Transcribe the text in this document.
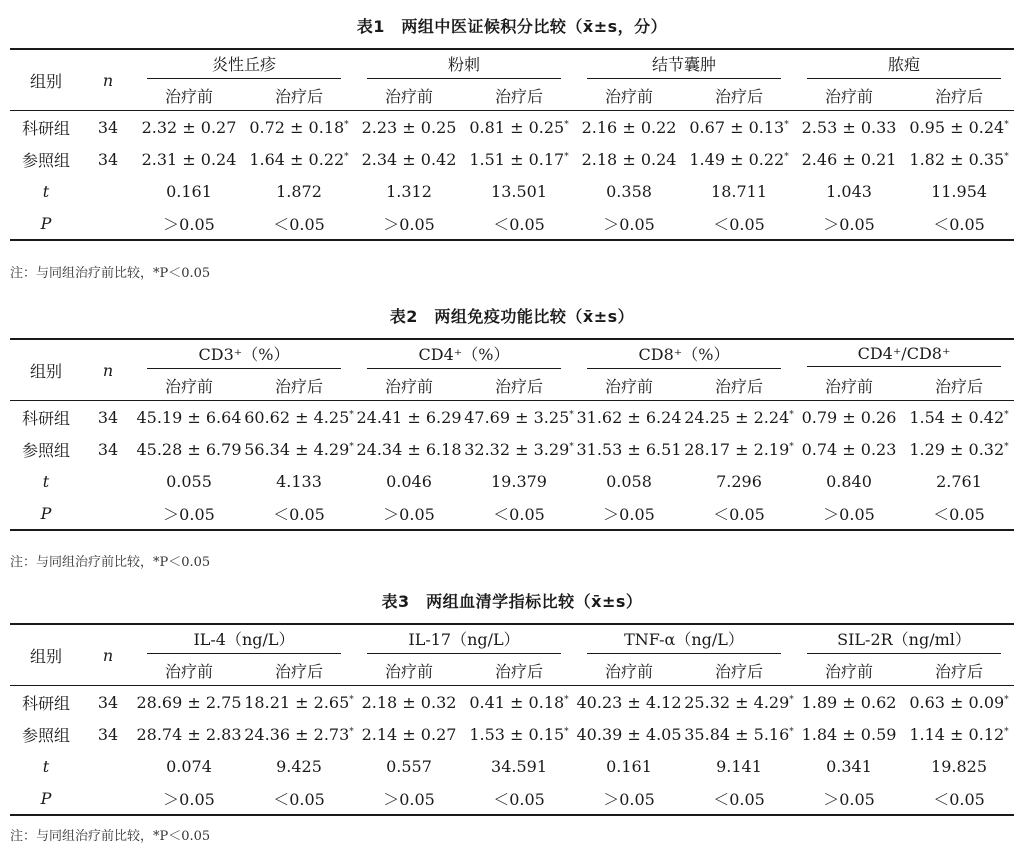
表1　两组中医证候积分比较（x̄±s，分）
组别	n	炎性丘疹		粉刺		结节囊肿		脓疱	
		治疗前	治疗后	治疗前	治疗后	治疗前	治疗后	治疗前	治疗后
科研组	34	2.32 ± 0.27	0.72 ± 0.18*	2.23 ± 0.25	0.81 ± 0.25*	2.16 ± 0.22	0.67 ± 0.13*	2.53 ± 0.33	0.95 ± 0.24*
参照组	34	2.31 ± 0.24	1.64 ± 0.22*	2.34 ± 0.42	1.51 ± 0.17*	2.18 ± 0.24	1.49 ± 0.22*	2.46 ± 0.21	1.82 ± 0.35*
t		0.161	1.872	1.312	13.501	0.358	18.711	1.043	11.954
P		＞0.05	＜0.05	＞0.05	＜0.05	＞0.05	＜0.05	＞0.05	＜0.05
注：与同组治疗前比较，*P＜0.05
表2　两组免疫功能比较（x̄±s）
组别	n	CD3⁺（%）		CD4⁺（%）		CD8⁺（%）		CD4⁺/CD8⁺	
		治疗前	治疗后	治疗前	治疗后	治疗前	治疗后	治疗前	治疗后
科研组	34	45.19 ± 6.64	60.62 ± 4.25*	24.41 ± 6.29	47.69 ± 3.25*	31.62 ± 6.24	24.25 ± 2.24*	0.79 ± 0.26	1.54 ± 0.42*
参照组	34	45.28 ± 6.79	56.34 ± 4.29*	24.34 ± 6.18	32.32 ± 3.29*	31.53 ± 6.51	28.17 ± 2.19*	0.74 ± 0.23	1.29 ± 0.32*
t		0.055	4.133	0.046	19.379	0.058	7.296	0.840	2.761
P		＞0.05	＜0.05	＞0.05	＜0.05	＞0.05	＜0.05	＞0.05	＜0.05
注：与同组治疗前比较，*P＜0.05
表3　两组血清学指标比较（x̄±s）
组别	n	IL-4（ng/L）		IL-17（ng/L）		TNF-α（ng/L）		SIL-2R（ng/ml）	
		治疗前	治疗后	治疗前	治疗后	治疗前	治疗后	治疗前	治疗后
科研组	34	28.69 ± 2.75	18.21 ± 2.65*	2.18 ± 0.32	0.41 ± 0.18*	40.23 ± 4.12	25.32 ± 4.29*	1.89 ± 0.62	0.63 ± 0.09*
参照组	34	28.74 ± 2.83	24.36 ± 2.73*	2.14 ± 0.27	1.53 ± 0.15*	40.39 ± 4.05	35.84 ± 5.16*	1.84 ± 0.59	1.14 ± 0.12*
t		0.074	9.425	0.557	34.591	0.161	9.141	0.341	19.825
P		＞0.05	＜0.05	＞0.05	＜0.05	＞0.05	＜0.05	＞0.05	＜0.05
注：与同组治疗前比较，*P＜0.05
